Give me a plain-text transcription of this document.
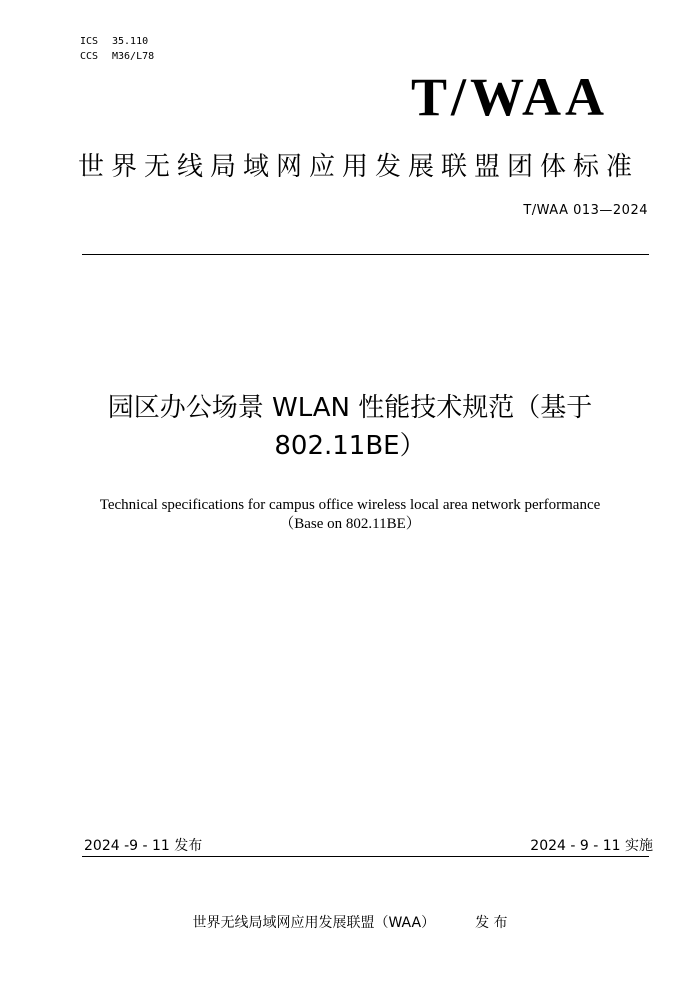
ICS 35.110
CCS M36/L78
T/WAA
世界无线局域网应用发展联盟团体标准
T/WAA 013—2024
园区办公场景 WLAN 性能技术规范（基于
802.11BE）
Technical specifications for campus office wireless local area network performance
（Base on 802.11BE）
2024 -9 - 11 发布	2024 - 9 - 11 实施
世界无线局域网应用发展联盟（WAA）	发 布
